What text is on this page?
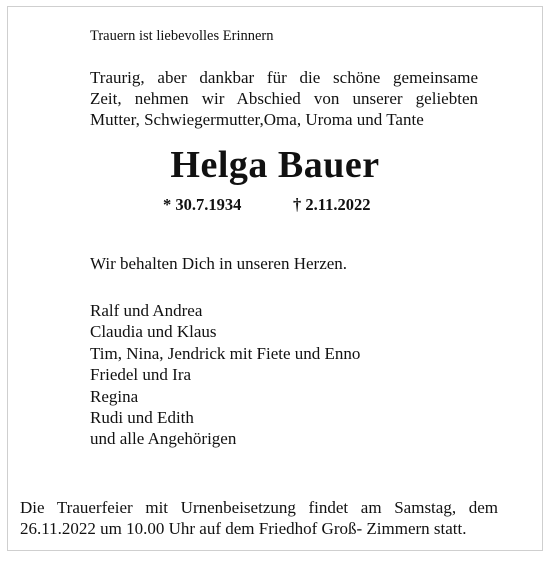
Trauern ist liebevolles Erinnern
Traurig, aber dankbar für die schöne gemeinsame
Zeit, nehmen wir Abschied von unserer geliebten
Mutter, Schwiegermutter,Oma, Uroma und Tante
Helga Bauer
* 30.7.1934	† 2.11.2022
Wir behalten Dich in unseren Herzen.
Ralf und Andrea
Claudia und Klaus
Tim, Nina, Jendrick mit Fiete und Enno
Friedel und Ira
Regina
Rudi und Edith
und alle Angehörigen
Die Trauerfeier mit Urnenbeisetzung findet am Samstag, dem
26.11.2022 um 10.00 Uhr auf dem Friedhof Groß- Zimmern statt.
